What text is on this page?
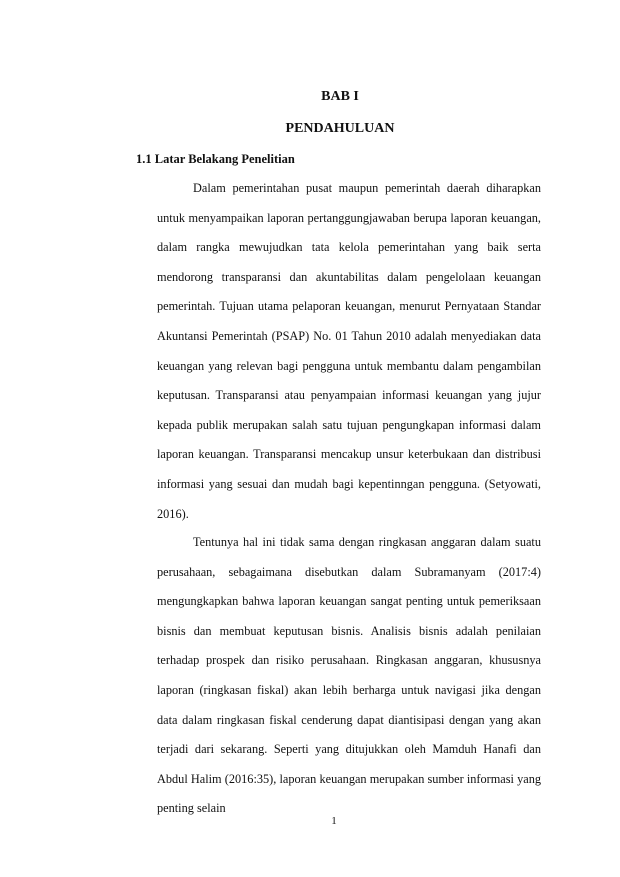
BAB I
PENDAHULUAN
1.1 Latar Belakang Penelitian

Dalam pemerintahan pusat maupun pemerintah daerah diharapkan untuk menyampaikan laporan pertanggungjawaban berupa laporan keuangan, dalam rangka mewujudkan tata kelola pemerintahan yang baik serta mendorong transparansi dan akuntabilitas dalam pengelolaan keuangan pemerintah. Tujuan utama pelaporan keuangan, menurut Pernyataan Standar Akuntansi Pemerintah (PSAP) No. 01 Tahun 2010 adalah menyediakan data keuangan yang relevan bagi pengguna untuk membantu dalam pengambilan keputusan. Transparansi atau penyampaian informasi keuangan yang jujur kepada publik merupakan salah satu tujuan pengungkapan informasi dalam laporan keuangan. Transparansi mencakup unsur keterbukaan dan distribusi informasi yang sesuai dan mudah bagi kepentinngan pengguna. (Setyowati, 2016).

Tentunya hal ini tidak sama dengan ringkasan anggaran dalam suatu perusahaan, sebagaimana disebutkan dalam Subramanyam (2017:4) mengungkapkan bahwa laporan keuangan sangat penting untuk pemeriksaan bisnis dan membuat keputusan bisnis. Analisis bisnis adalah penilaian terhadap prospek dan risiko perusahaan. Ringkasan anggaran, khususnya laporan (ringkasan fiskal) akan lebih berharga untuk navigasi jika dengan data dalam ringkasan fiskal cenderung dapat diantisipasi dengan yang akan terjadi dari sekarang. Seperti yang ditujukkan oleh Mamduh Hanafi dan Abdul Halim (2016:35), laporan keuangan merupakan sumber informasi yang penting selain

1
